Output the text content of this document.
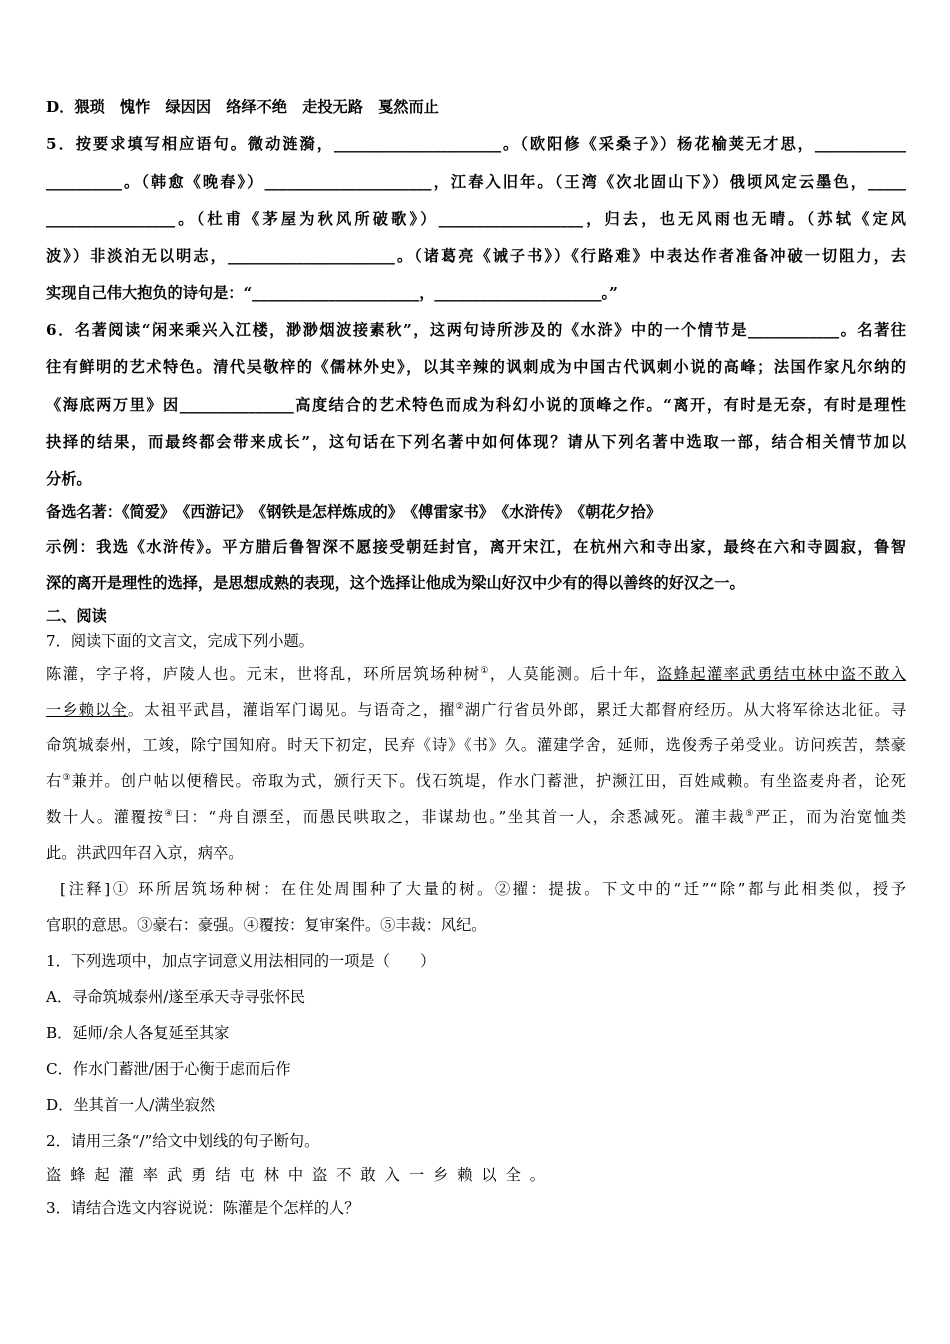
D．猥琐　愧怍　绿因因　络绎不绝　走投无路　戛然而止
5．按要求填写相应语句。微动涟漪，______________________。（欧阳修《采桑子》）杨花榆荚无才思，____________
__________。（韩愈《晚春》）______________________，江春入旧年。（王湾《次北固山下》）俄顷风定云墨色，_____
_________________。（杜甫《茅屋为秋风所破歌》）___________________，归去，也无风雨也无晴。（苏轼《定风
波》）非淡泊无以明志，______________________。（诸葛亮《诫子书》）《行路难》中表达作者准备冲破一切阻力，去
实现自己伟大抱负的诗句是：“______________________，______________________。”
6．名著阅读“闲来乘兴入江楼，渺渺烟波接素秋”，这两句诗所涉及的《水浒》中的一个情节是____________。名著往
往有鲜明的艺术特色。清代吴敬梓的《儒林外史》，以其辛辣的讽刺成为中国古代讽刺小说的高峰；法国作家凡尔纳的
《海底两万里》因_______________高度结合的艺术特色而成为科幻小说的顶峰之作。“离开，有时是无奈，有时是理性
抉择的结果，而最终都会带来成长”，这句话在下列名著中如何体现？请从下列名著中选取一部，结合相关情节加以
分析。
备选名著：《简爱》　《西游记》　《钢铁是怎样炼成的》　《傅雷家书》　《水浒传》　《朝花夕拾》
示例：我选《水浒传》。平方腊后鲁智深不愿接受朝廷封官，离开宋江，在杭州六和寺出家，最终在六和寺圆寂，鲁智
深的离开是理性的选择，是思想成熟的表现，这个选择让他成为梁山好汉中少有的得以善终的好汉之一。
二、阅读
7．阅读下面的文言文，完成下列小题。
陈灌，字子将，庐陵人也。元末，世将乱，环所居筑场种树①，人莫能测。后十年，盗蜂起灌率武勇结屯林中盗不敢入
一乡赖以全。太祖平武昌，灌诣军门谒见。与语奇之，擢②湖广行省员外郎，累迁大都督府经历。从大将军徐达北征。寻
命筑城泰州，工竣，除宁国知府。时天下初定，民弃《诗》《书》久。灌建学舍，延师，选俊秀子弟受业。访问疾苦，禁豪
右③兼并。创户帖以便稽民。帝取为式，颁行天下。伐石筑堤，作水门蓄泄，护濒江田，百姓咸赖。有坐盗麦舟者，论死
数十人。灌覆按④曰：“舟自漂至，而愚民哄取之，非谋劫也。”坐其首一人，余悉减死。灌丰裁⑤严正，而为治宽恤类
此。洪武四年召入京，病卒。
[注释]① 环所居筑场种树：在住处周围种了大量的树。②擢：提拔。下文中的“迁”“除”都与此相类似，授予
官职的意思。③豪右：豪强。④覆按：复审案件。⑤丰裁：风纪。
1．下列选项中，加点字词意义用法相同的一项是（　　）
A．寻命筑城泰州/遂至承天寺寻张怀民
B．延师/余人各复延至其家
C．作水门蓄泄/困于心衡于虑而后作
D．坐其首一人/满坐寂然
2．请用三条“/”给文中划线的句子断句。
盗蜂起灌率武勇结屯林中盗不敢入一乡赖以全。
3．请结合选文内容说说：陈灌是个怎样的人？
